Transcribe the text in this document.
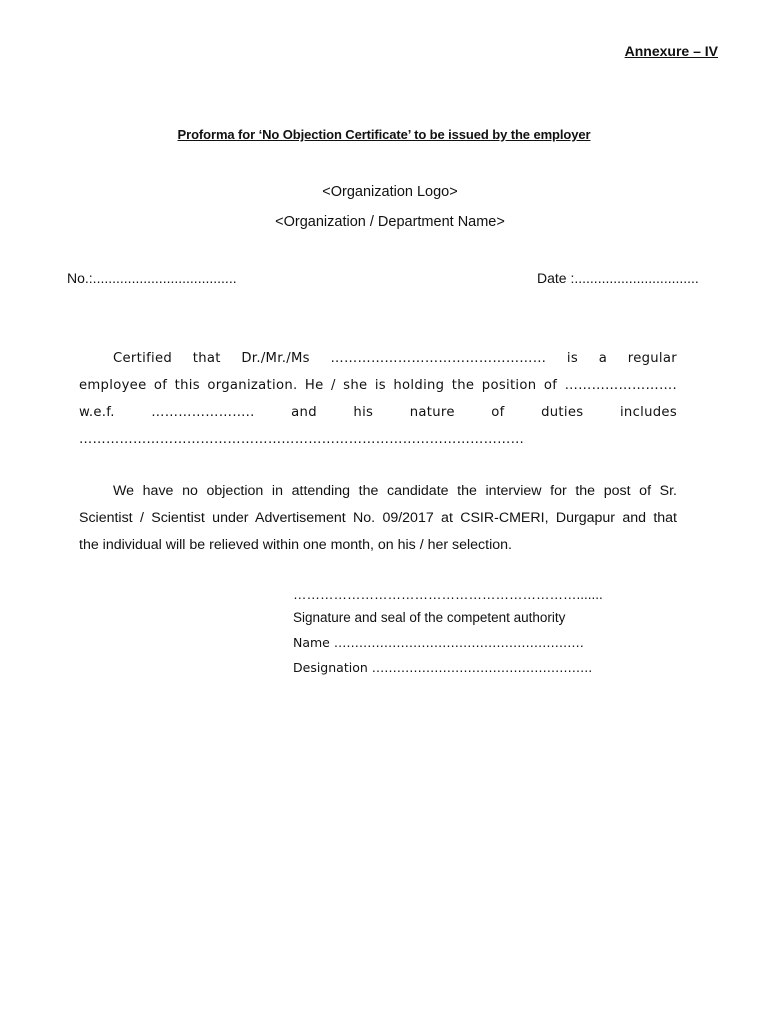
Annexure – IV
Proforma for ‘No Objection Certificate’ to be issued by the employer
<Organization Logo>
<Organization / Department Name>
No.:.....................................	Date :................................
Certified that Dr./Mr./Ms ………………………………………… is a regular
employee of this organization. He / she is holding the position of …………………….
w.e.f. ………………….. and his nature of duties includes
………………………………………………………………………………………
We have no objection in attending the candidate the interview for the post of Sr.
Scientist / Scientist under Advertisement No. 09/2017 at CSIR-CMERI, Durgapur and that
the individual will be relieved within one month, on his / her selection.
……………………………………………………….......
Signature and seal of the competent authority
Name ……………………………………………………
Designation ……………………………………………..
